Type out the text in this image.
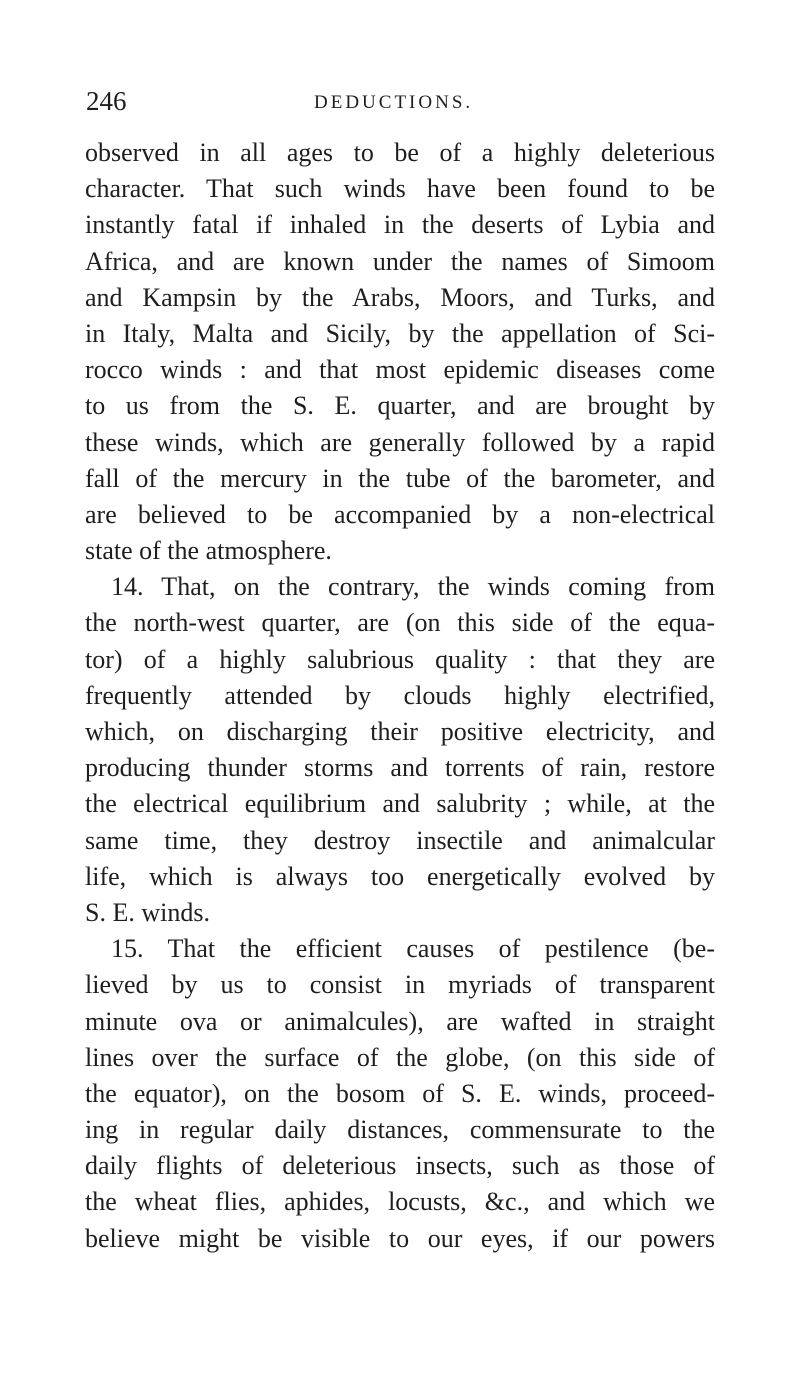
246	DEDUCTIONS.
observed in all ages to be of a highly deleterious
character. That such winds have been found to be
instantly fatal if inhaled in the deserts of Lybia and
Africa, and are known under the names of Simoom
and Kampsin by the Arabs, Moors, and Turks, and
in Italy, Malta and Sicily, by the appellation of Sci-
rocco winds : and that most epidemic diseases come
to us from the S. E. quarter, and are brought by
these winds, which are generally followed by a rapid
fall of the mercury in the tube of the barometer, and
are believed to be accompanied by a non-electrical
state of the atmosphere.
14. That, on the contrary, the winds coming from
the north-west quarter, are (on this side of the equa-
tor) of a highly salubrious quality : that they are
frequently attended by clouds highly electrified,
which, on discharging their positive electricity, and
producing thunder storms and torrents of rain, restore
the electrical equilibrium and salubrity ; while, at the
same time, they destroy insectile and animalcular
life, which is always too energetically evolved by
S. E. winds.
15. That the efficient causes of pestilence (be-
lieved by us to consist in myriads of transparent
minute ova or animalcules), are wafted in straight
lines over the surface of the globe, (on this side of
the equator), on the bosom of S. E. winds, proceed-
ing in regular daily distances, commensurate to the
daily flights of deleterious insects, such as those of
the wheat flies, aphides, locusts, &c., and which we
believe might be visible to our eyes, if our powers
